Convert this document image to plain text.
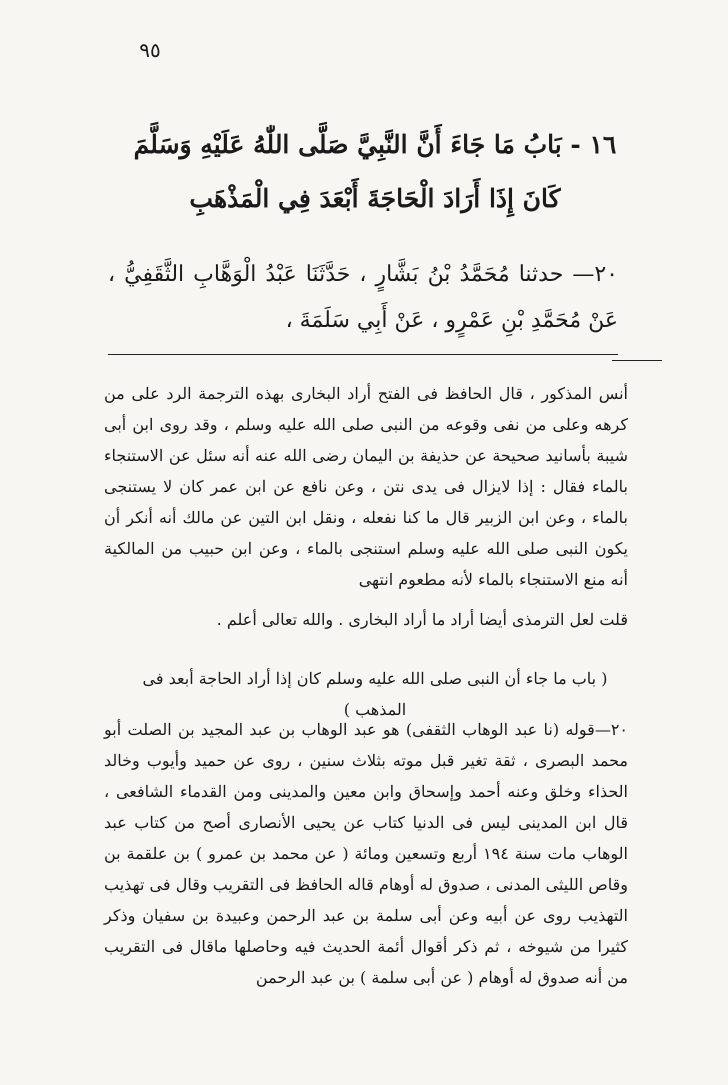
٩٥
١٦ - بَابُ مَا جَاءَ أَنَّ النَّبِيَّ صَلَّى اللّٰهُ عَلَيْهِ وَسَلَّمَ كَانَ إِذَا أَرَادَ الْحَاجَةَ أَبْعَدَ فِي الْمَذْهَبِ
٢٠— حدثنا مُحَمَّدُ بْنُ بَشَّارٍ ، حَدَّثَنَا عَبْدُ الْوَهَّابِ الثَّقَفِيُّ ، عَنْ مُحَمَّدِ بْنِ عَمْرٍو ، عَنْ أَبِي سَلَمَةَ ،

أنس المذكور ، قال الحافظ فى الفتح أراد البخارى بهذه الترجمة الرد على من كرهه وعلى من نفى وقوعه من النبى صلى الله عليه وسلم ، وقد روى ابن أبى شيبة بأسانيد صحيحة عن حذيفة بن اليمان رضى الله عنه أنه سئل عن الاستنجاء بالماء فقال : إذا لايزال فى يدى نتن ، وعن نافع عن ابن عمر كان لا يستنجى بالماء ، وعن ابن الزبير قال ما كنا نفعله ، ونقل ابن التين عن مالك أنه أنكر أن يكون النبى صلى الله عليه وسلم استنجى بالماء ، وعن ابن حبيب من المالكية أنه منع الاستنجاء بالماء لأنه مطعوم انتهى

قلت لعل الترمذى أيضا أراد ما أراد البخارى . والله تعالى أعلم .

( باب ما جاء أن النبى صلى الله عليه وسلم كان إذا أراد الحاجة أبعد فى المذهب )

٢٠—قوله (نا عبد الوهاب الثقفى) هو عبد الوهاب بن عبد المجيد بن الصلت أبو محمد البصرى ، ثقة تغير قبل موته بثلاث سنين ، روى عن حميد وأيوب وخالد الحذاء وخلق وعنه أحمد وإسحاق وابن معين والمدينى ومن القدماء الشافعى ، قال ابن المدينى ليس فى الدنيا كتاب عن يحيى الأنصارى أصح من كتاب عبد الوهاب مات سنة ١٩٤ أربع وتسعين ومائة ( عن محمد بن عمرو ) بن علقمة بن وقاص الليثى المدنى ، صدوق له أوهام قاله الحافظ فى التقريب وقال فى تهذيب التهذيب روى عن أبيه وعن أبى سلمة بن عبد الرحمن وعبيدة بن سفيان وذكر كثيرا من شيوخه ، ثم ذكر أقوال أئمة الحديث فيه وحاصلها ماقال فى التقريب من أنه صدوق له أوهام ( عن أبى سلمة ) بن عبد الرحمن
